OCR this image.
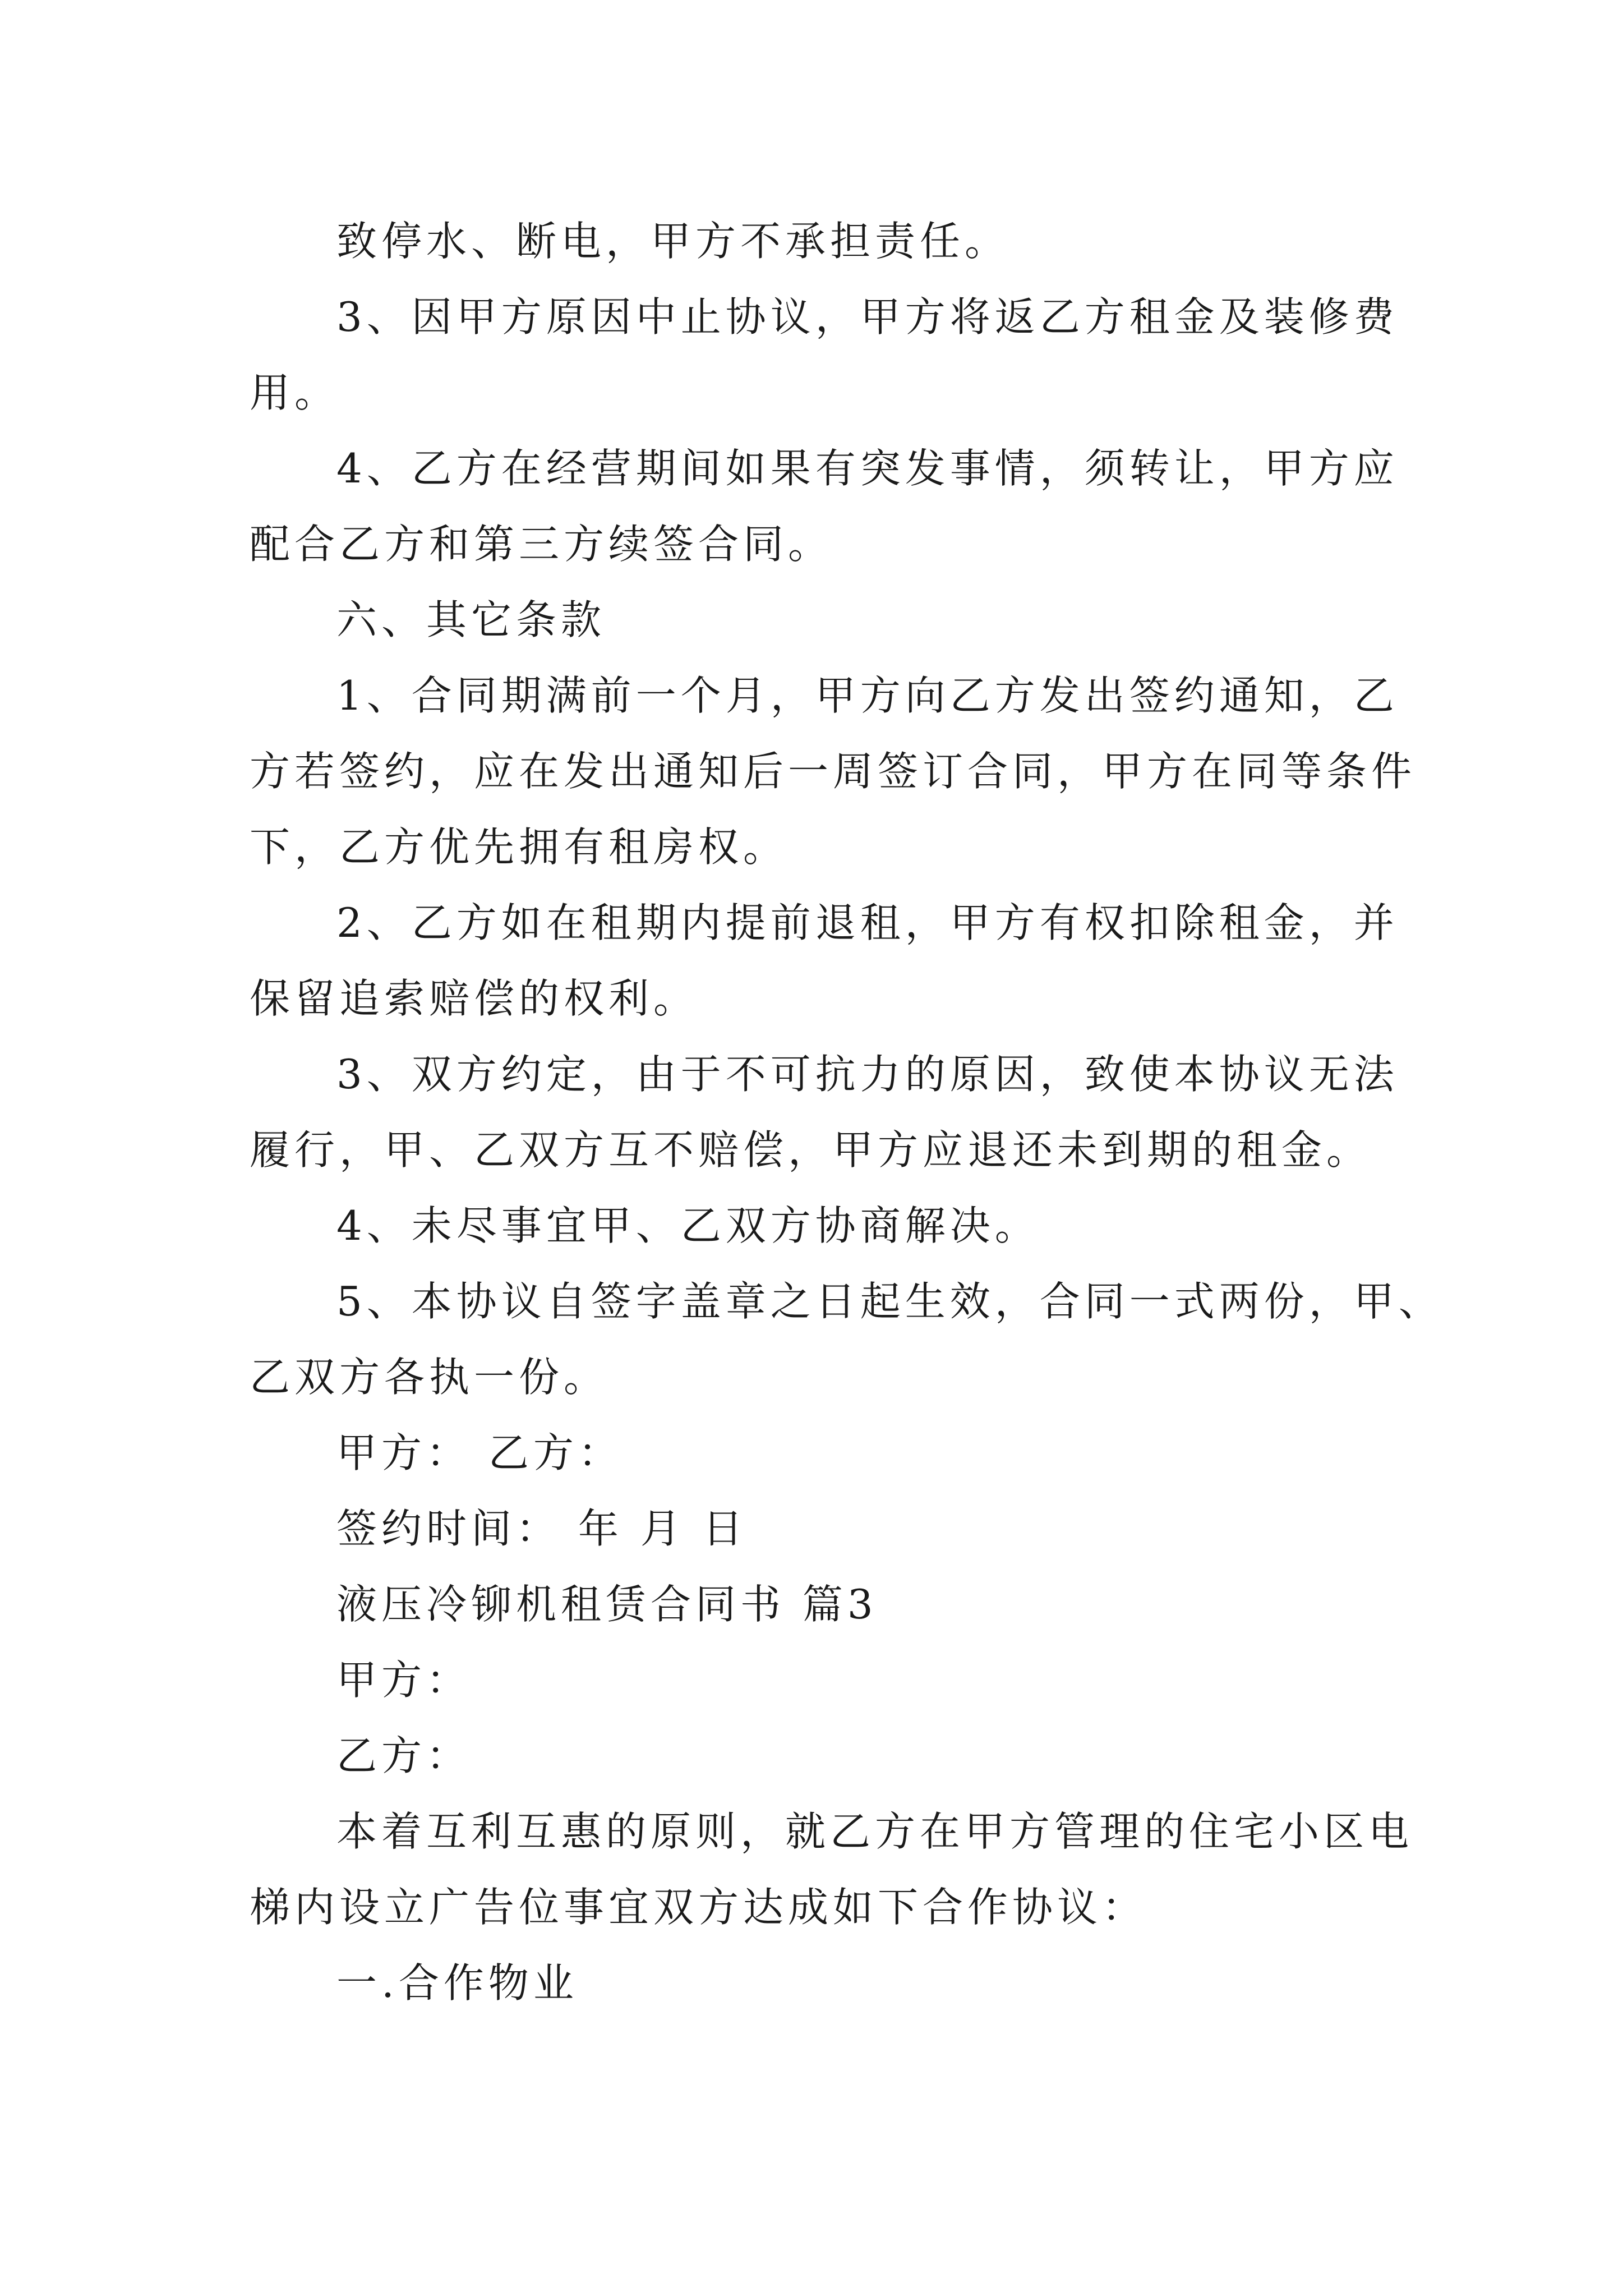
致停水、断电，甲方不承担责任。
3、因甲方原因中止协议，甲方将返乙方租金及装修费
用。
4、乙方在经营期间如果有突发事情，须转让，甲方应
配合乙方和第三方续签合同。
六、其它条款
1、合同期满前一个月，甲方向乙方发出签约通知，乙
方若签约，应在发出通知后一周签订合同，甲方在同等条件
下，乙方优先拥有租房权。
2、乙方如在租期内提前退租，甲方有权扣除租金，并
保留追索赔偿的权利。
3、双方约定，由于不可抗力的原因，致使本协议无法
履行，甲、乙双方互不赔偿，甲方应退还未到期的租金。
4、未尽事宜甲、乙双方协商解决。
5、本协议自签字盖章之日起生效，合同一式两份，甲、
乙双方各执一份。
甲方： 乙方：
签约时间： 年 月 日
液压冷铆机租赁合同书 篇3
甲方：
乙方：
本着互利互惠的原则，就乙方在甲方管理的住宅小区电
梯内设立广告位事宜双方达成如下合作协议：
一.合作物业
